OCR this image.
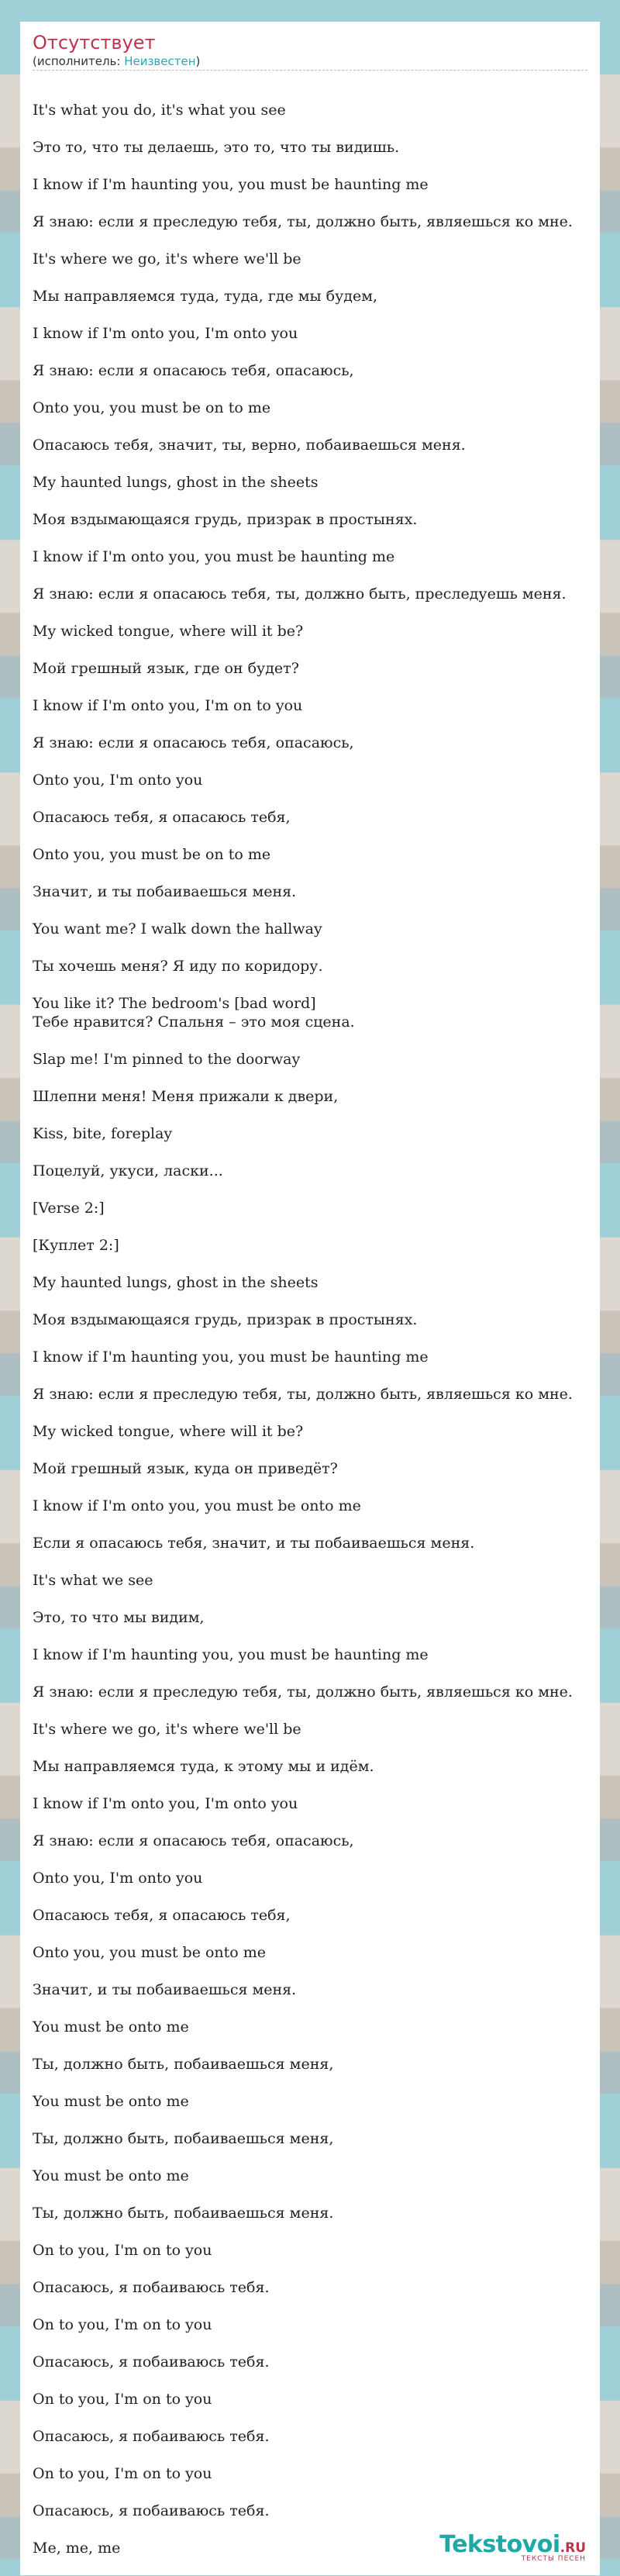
Отсутствует
(исполнитель: Неизвестен)
It's what you do, it's what you see
Это то, что ты делаешь, это то, что ты видишь.
I know if I'm haunting you, you must be haunting me
Я знаю: если я преследую тебя, ты, должно быть, являешься ко мне.
It's where we go, it's where we'll be
Мы направляемся туда, туда, где мы будем,
I know if I'm onto you, I'm onto you
Я знаю: если я опасаюсь тебя, опасаюсь,
Onto you, you must be on to me
Опасаюсь тебя, значит, ты, верно, побаиваешься меня.
My haunted lungs, ghost in the sheets
Моя вздымающаяся грудь, призрак в простынях.
I know if I'm onto you, you must be haunting me
Я знаю: если я опасаюсь тебя, ты, должно быть, преследуешь меня.
My wicked tongue, where will it be?
Мой грешный язык, где он будет?
I know if I'm onto you, I'm on to you
Я знаю: если я опасаюсь тебя, опасаюсь,
Onto you, I'm onto you
Опасаюсь тебя, я опасаюсь тебя,
Onto you, you must be on to me
Значит, и ты побаиваешься меня.
You want me? I walk down the hallway
Ты хочешь меня? Я иду по коридору.
You like it? The bedroom's [bad word]
Тебе нравится? Спальня – это моя сцена.
Slap me! I'm pinned to the doorway
Шлепни меня! Меня прижали к двери,
Kiss, bite, foreplay
Поцелуй, укуси, ласки...
[Verse 2:]
[Куплет 2:]
My haunted lungs, ghost in the sheets
Моя вздымающаяся грудь, призрак в простынях.
I know if I'm haunting you, you must be haunting me
Я знаю: если я преследую тебя, ты, должно быть, являешься ко мне.
My wicked tongue, where will it be?
Мой грешный язык, куда он приведёт?
I know if I'm onto you, you must be onto me
Если я опасаюсь тебя, значит, и ты побаиваешься меня.
It's what we see
Это, то что мы видим,
I know if I'm haunting you, you must be haunting me
Я знаю: если я преследую тебя, ты, должно быть, являешься ко мне.
It's where we go, it's where we'll be
Мы направляемся туда, к этому мы и идём.
I know if I'm onto you, I'm onto you
Я знаю: если я опасаюсь тебя, опасаюсь,
Onto you, I'm onto you
Опасаюсь тебя, я опасаюсь тебя,
Onto you, you must be onto me
Значит, и ты побаиваешься меня.
You must be onto me
Ты, должно быть, побаиваешься меня,
You must be onto me
Ты, должно быть, побаиваешься меня,
You must be onto me
Ты, должно быть, побаиваешься меня.
On to you, I'm on to you
Опасаюсь, я побаиваюсь тебя.
On to you, I'm on to you
Опасаюсь, я побаиваюсь тебя.
On to you, I'm on to you
Опасаюсь, я побаиваюсь тебя.
On to you, I'm on to you
Опасаюсь, я побаиваюсь тебя.
Me, me, me	Tekstovoi.RU
ТЕКСТЫ ПЕСЕН
